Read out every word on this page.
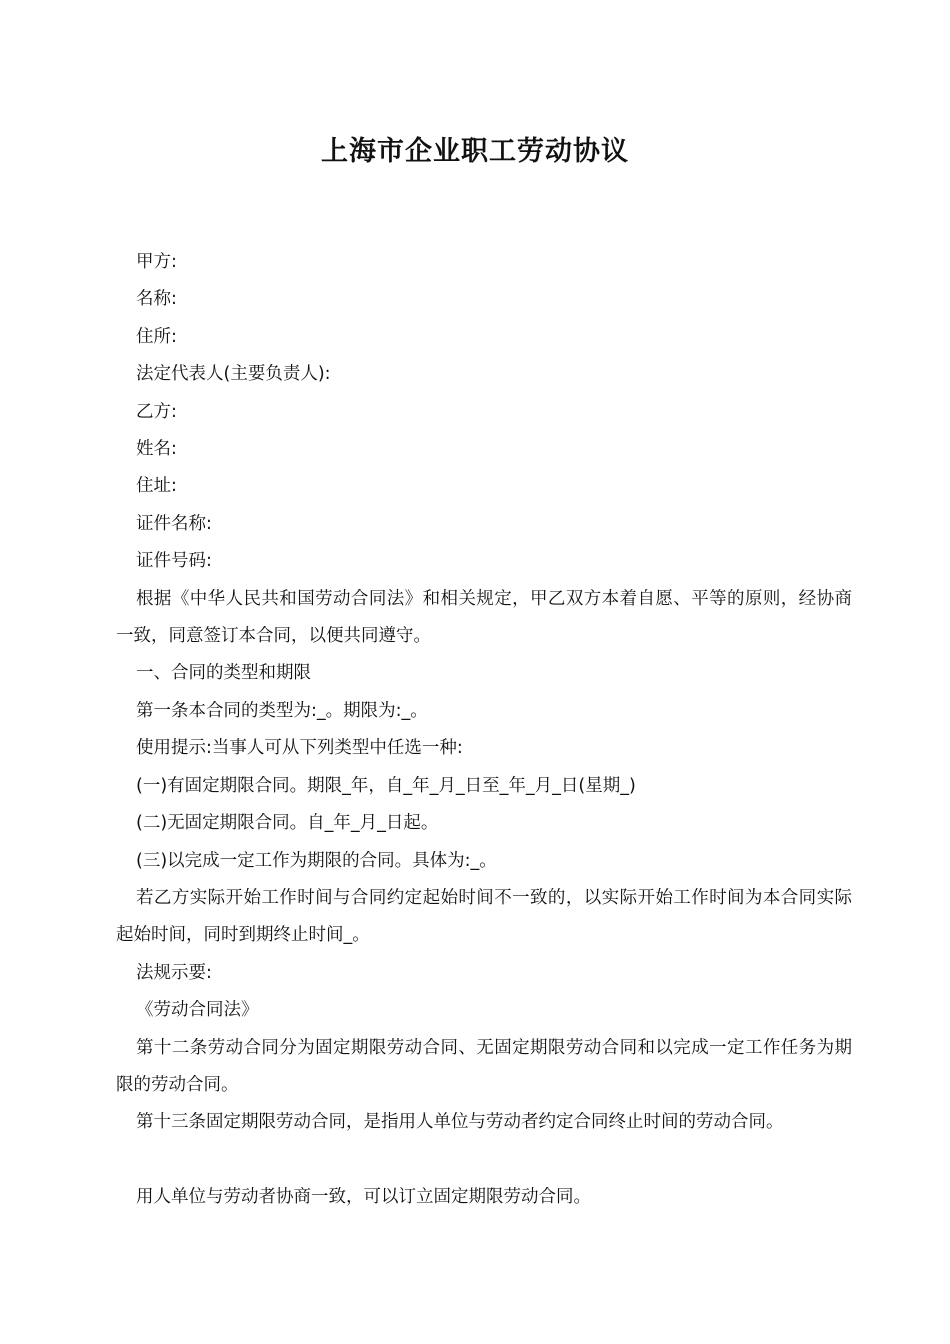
上海市企业职工劳动协议

甲方:

名称:

住所:

法定代表人(主要负责人):

乙方:

姓名:

住址:

证件名称:

证件号码:

根据《中华人民共和国劳动合同法》和相关规定，甲乙双方本着自愿、平等的原则，经协商一致，同意签订本合同，以便共同遵守。

一、合同的类型和期限

第一条本合同的类型为:_。期限为:_。

使用提示:当事人可从下列类型中任选一种:

(一)有固定期限合同。期限_年，自_年_月_日至_年_月_日(星期_)

(二)无固定期限合同。自_年_月_日起。

(三)以完成一定工作为期限的合同。具体为:_。

若乙方实际开始工作时间与合同约定起始时间不一致的，以实际开始工作时间为本合同实际起始时间，同时到期终止时间_。

法规示要:

《劳动合同法》

第十二条劳动合同分为固定期限劳动合同、无固定期限劳动合同和以完成一定工作任务为期限的劳动合同。

第十三条固定期限劳动合同，是指用人单位与劳动者约定合同终止时间的劳动合同。

用人单位与劳动者协商一致，可以订立固定期限劳动合同。
